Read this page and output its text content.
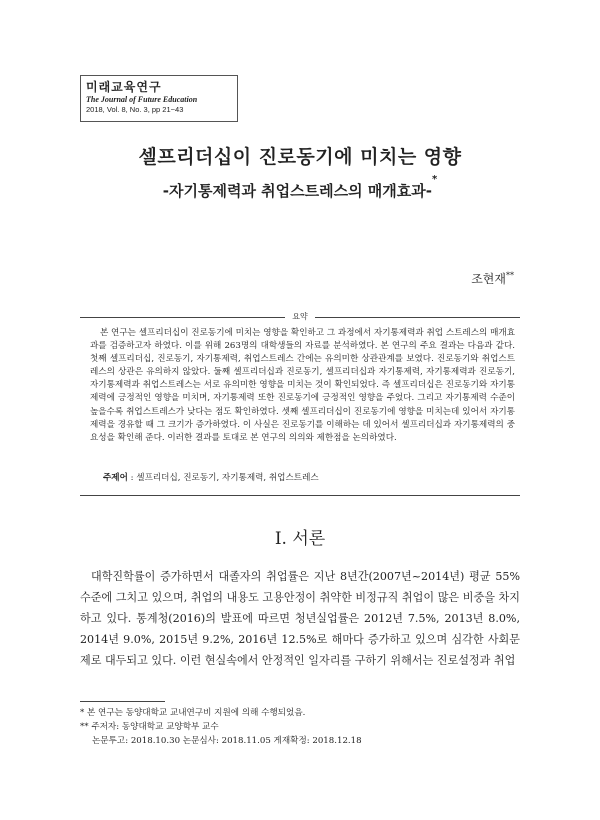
미래교육연구
The Journal of Future Education
2018, Vol. 8, No. 3, pp 21~43
셀프리더십이 진로동기에 미치는 영향
-자기통제력과 취업스트레스의 매개효과-*
조현재**
요약

본 연구는 셀프리더십이 진로동기에 미치는 영향을 확인하고 그 과정에서 자기통제력과 취업 스트레스의 매개효과를 검증하고자 하였다. 이를 위해 263명의 대학생들의 자료를 분석하였다. 본 연구의 주요 결과는 다음과 같다. 첫째 셀프리더십, 진로동기, 자기통제력, 취업스트레스 간에는 유의미한 상관관계를 보였다. 진로동기와 취업스트레스의 상관은 유의하지 않았다. 둘째 셀프리더십과 진로동기, 셀프리더십과 자기통제력, 자기통제력과 진로동기, 자기통제력과 취업스트레스는 서로 유의미한 영향을 미치는 것이 확인되었다. 즉 셀프리더십은 진로동기와 자기통제력에 긍정적인 영향을 미치며, 자기통제력 또한 진로동기에 긍정적인 영향을 주었다. 그리고 자기통제력 수준이 높을수록 취업스트레스가 낮다는 점도 확인하였다. 셋째 셀프리더십이 진로동기에 영향을 미치는데 있어서 자기통제력을 경유할 때 그 크기가 증가하였다. 이 사실은 진로동기를 이해하는 데 있어서 셀프리더십과 자기통제력의 중요성을 확인해 준다. 이러한 결과를 토대로 본 연구의 의의와 제한점을 논의하였다.

주제어 : 셀프리더십, 진로동기, 자기통제력, 취업스트레스
Ⅰ. 서론

대학진학률이 증가하면서 대졸자의 취업률은 지난 8년간(2007년~2014년) 평균 55%수준에 그치고 있으며, 취업의 내용도 고용안정이 취약한 비정규직 취업이 많은 비중을 차지하고 있다. 통계청(2016)의 발표에 따르면 청년실업률은 2012년 7.5%, 2013년 8.0%, 2014년 9.0%, 2015년 9.2%, 2016년 12.5%로 해마다 증가하고 있으며 심각한 사회문제로 대두되고 있다. 이런 현실속에서 안정적인 일자리를 구하기 위해서는 진로설정과 취업

* 본 연구는 동양대학교 교내연구비 지원에 의해 수행되었음.
** 주저자: 동양대학교 교양학부 교수
논문투고: 2018.10.30 논문심사: 2018.11.05 게재확정: 2018.12.18
